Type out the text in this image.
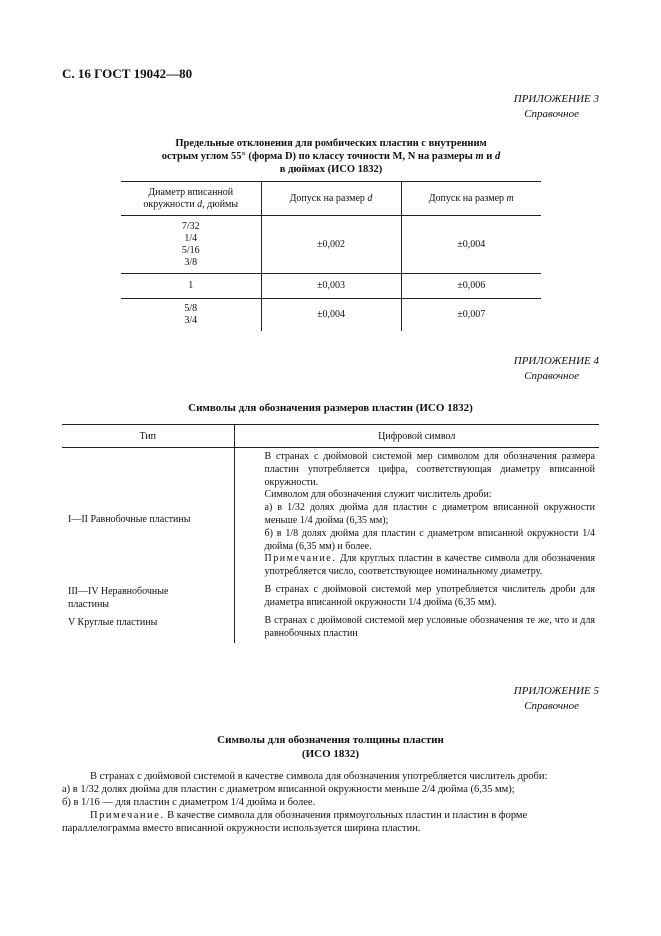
С. 16 ГОСТ 19042—80
ПРИЛОЖЕНИЕ 3
Справочное
Предельные отклонения для ромбических пластин с внутренним
острым углом 55° (форма D) по классу точности M, N на размеры m и d
в дюймах (ИСО 1832)
Диаметр вписанной
окружности d, дюймы	Допуск на размер d	Допуск на размер m

7/32
1/4
5/16
3/8	±0,002	±0,004

1	±0,003	±0,006

5/8
3/4	±0,004	±0,007
ПРИЛОЖЕНИЕ 4
Справочное
Символы для обозначения размеров пластин (ИСО 1832)
Тип	Цифровой символ
I—II Равнобочные пластины	В странах с дюймовой системой мер символом для обозначения размера пластин употребляется цифра, соответствующая диаметру вписанной окружности.

Символом для обозначения служит числитель дроби:

а) в 1/32 долях дюйма для пластин с диаметром вписанной окружности меньше 1/4 дюйма (6,35 мм);

б) в 1/8 долях дюйма для пластин с диаметром вписанной окружности 1/4 дюйма (6,35 мм) и более.

Примечание. Для круглых пластин в качестве символа для обозначения употребляется число, соответствующее номинальному диаметру.

III—IV Неравнобочные
пластины	В странах с дюймовой системой мер употребляется числитель дроби для диаметра вписанной окружности 1/4 дюйма (6,35 мм).

V Круглые пластины	В странах с дюймовой системой мер условные обозначения те же, что и для равнобочных пластин

ПРИЛОЖЕНИЕ 5
Справочное
Символы для обозначения толщины пластин
(ИСО 1832)

В странах с дюймовой системой в качестве символа для обозначения употребляется числитель дроби:

а) в 1/32 долях дюйма для пластин с диаметром вписанной окружности меньше 2/4 дюйма (6,35 мм);

б) в 1/16 — для пластин с диаметром 1/4 дюйма и более.

Примечание. В качестве символа для обозначения прямоугольных пластин и пластин в форме параллелограмма вместо вписанной окружности используется ширина пластин.
